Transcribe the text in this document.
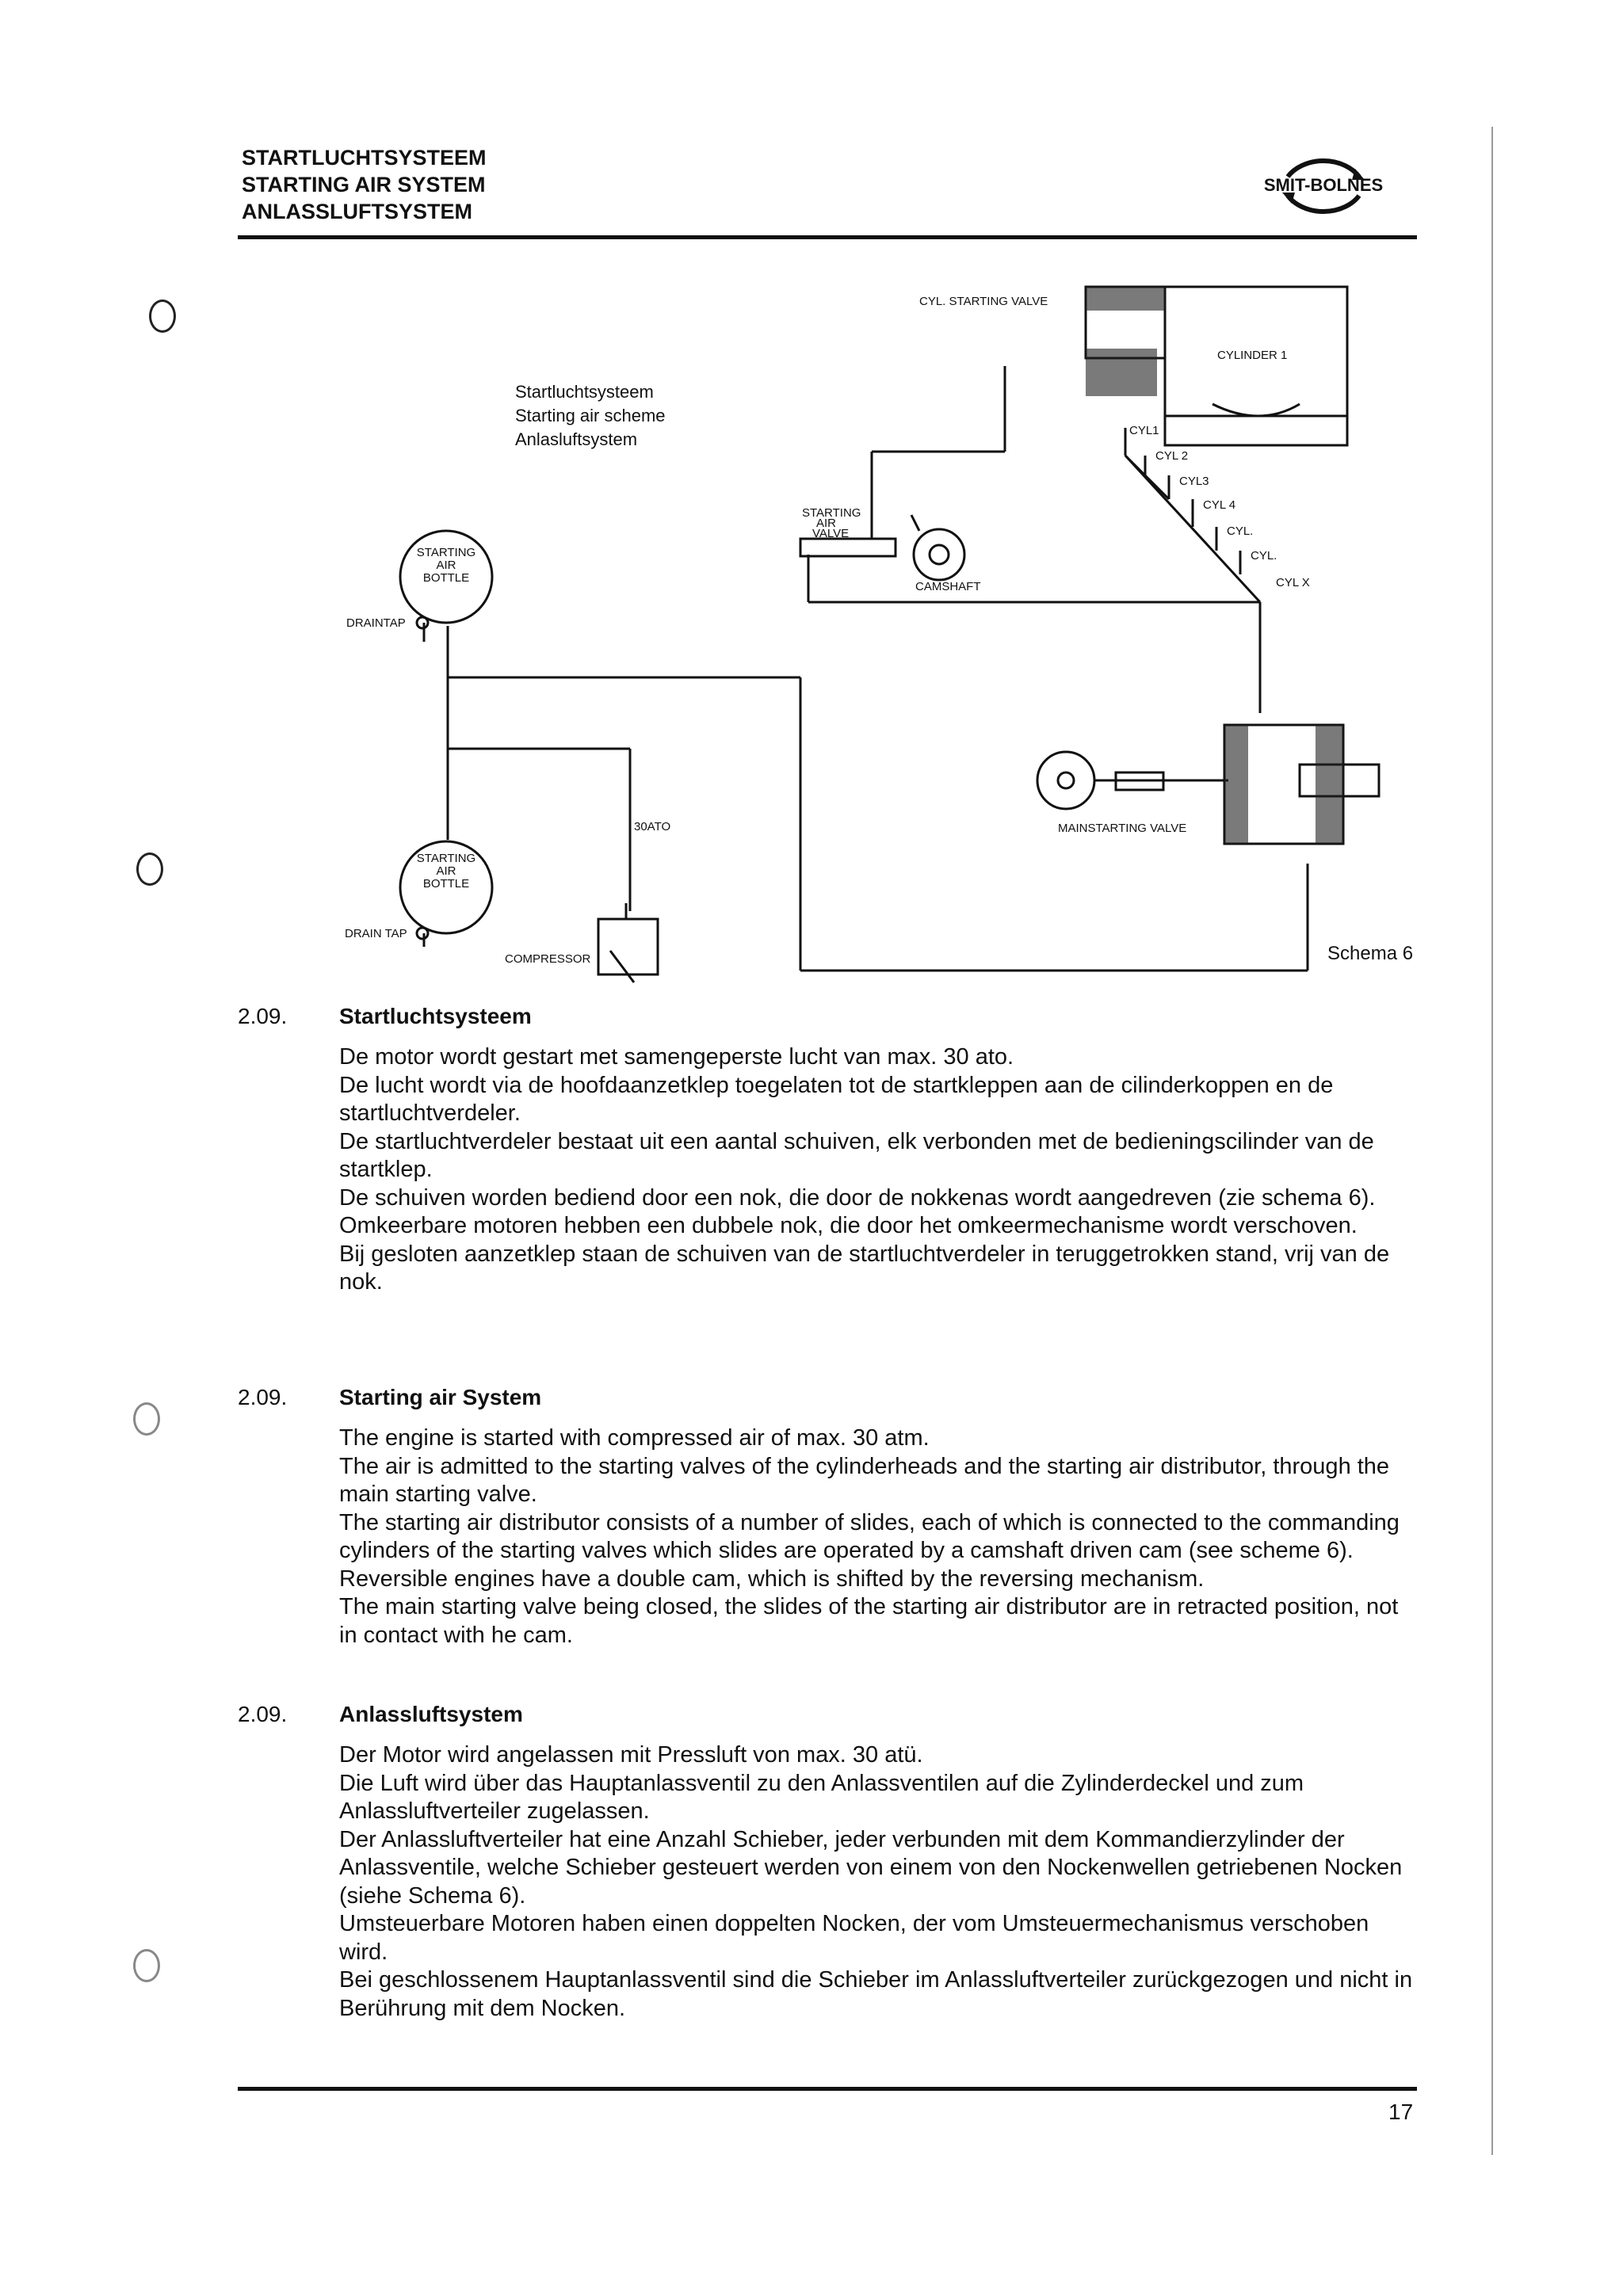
STARTLUCHTSYSTEEM
STARTING AIR SYSTEM
ANLASSLUFTSYSTEM
SMIT-BOLNES
CYL. STARTING VALVE
CYLINDER 1
CYL1
CYL 2
CYL3
CYL 4
CYL.
CYL.
CYL X
STARTING
AIR
VALVE
CAMSHAFT
STARTING
AIR
BOTTLE
STARTING
AIR
BOTTLE
DRAINTAP
DRAIN TAP
30ATO
COMPRESSOR
MAINSTARTING VALVE
Startluchtsysteem
Starting air scheme
Anlasluftsystem
Schema 6
2.09. Startluchtsysteem
De motor wordt gestart met samengeperste lucht van max. 30 ato.
De lucht wordt via de hoofdaanzetklep toegelaten tot de startkleppen aan de cilinderkoppen en de startluchtverdeler.
De startluchtverdeler bestaat uit een aantal schuiven, elk verbonden met de bedieningscilinder van de startklep.
De schuiven worden bediend door een nok, die door de nokkenas wordt aangedreven (zie schema 6).
Omkeerbare motoren hebben een dubbele nok, die door het omkeermechanisme wordt verschoven.
Bij gesloten aanzetklep staan de schuiven van de startluchtverdeler in teruggetrokken stand, vrij van de nok.
2.09. Starting air System
The engine is started with compressed air of max. 30 atm.
The air is admitted to the starting valves of the cylinderheads and the starting air distributor, through the main starting valve.
The starting air distributor consists of a number of slides, each of which is connected to the commanding cylinders of the starting valves which slides are operated by a camshaft driven cam (see scheme 6).
Reversible engines have a double cam, which is shifted by the reversing mechanism.
The main starting valve being closed, the slides of the starting air distributor are in retracted position, not in contact with he cam.
2.09. Anlassluftsystem
Der Motor wird angelassen mit Pressluft von max. 30 atü.
Die Luft wird über das Hauptanlassventil zu den Anlassventilen auf die Zylinderdeckel und zum Anlassluftverteiler zugelassen.
Der Anlassluftverteiler hat eine Anzahl Schieber, jeder verbunden mit dem Kommandierzylinder der Anlassventile, welche Schieber gesteuert werden von einem von den Nockenwellen getriebenen Nocken (siehe Schema 6).
Umsteuerbare Motoren haben einen doppelten Nocken, der vom Umsteuermechanismus verschoben wird.
Bei geschlossenem Hauptanlassventil sind die Schieber im Anlassluftverteiler zurückgezogen und nicht in Berührung mit dem Nocken.
17
